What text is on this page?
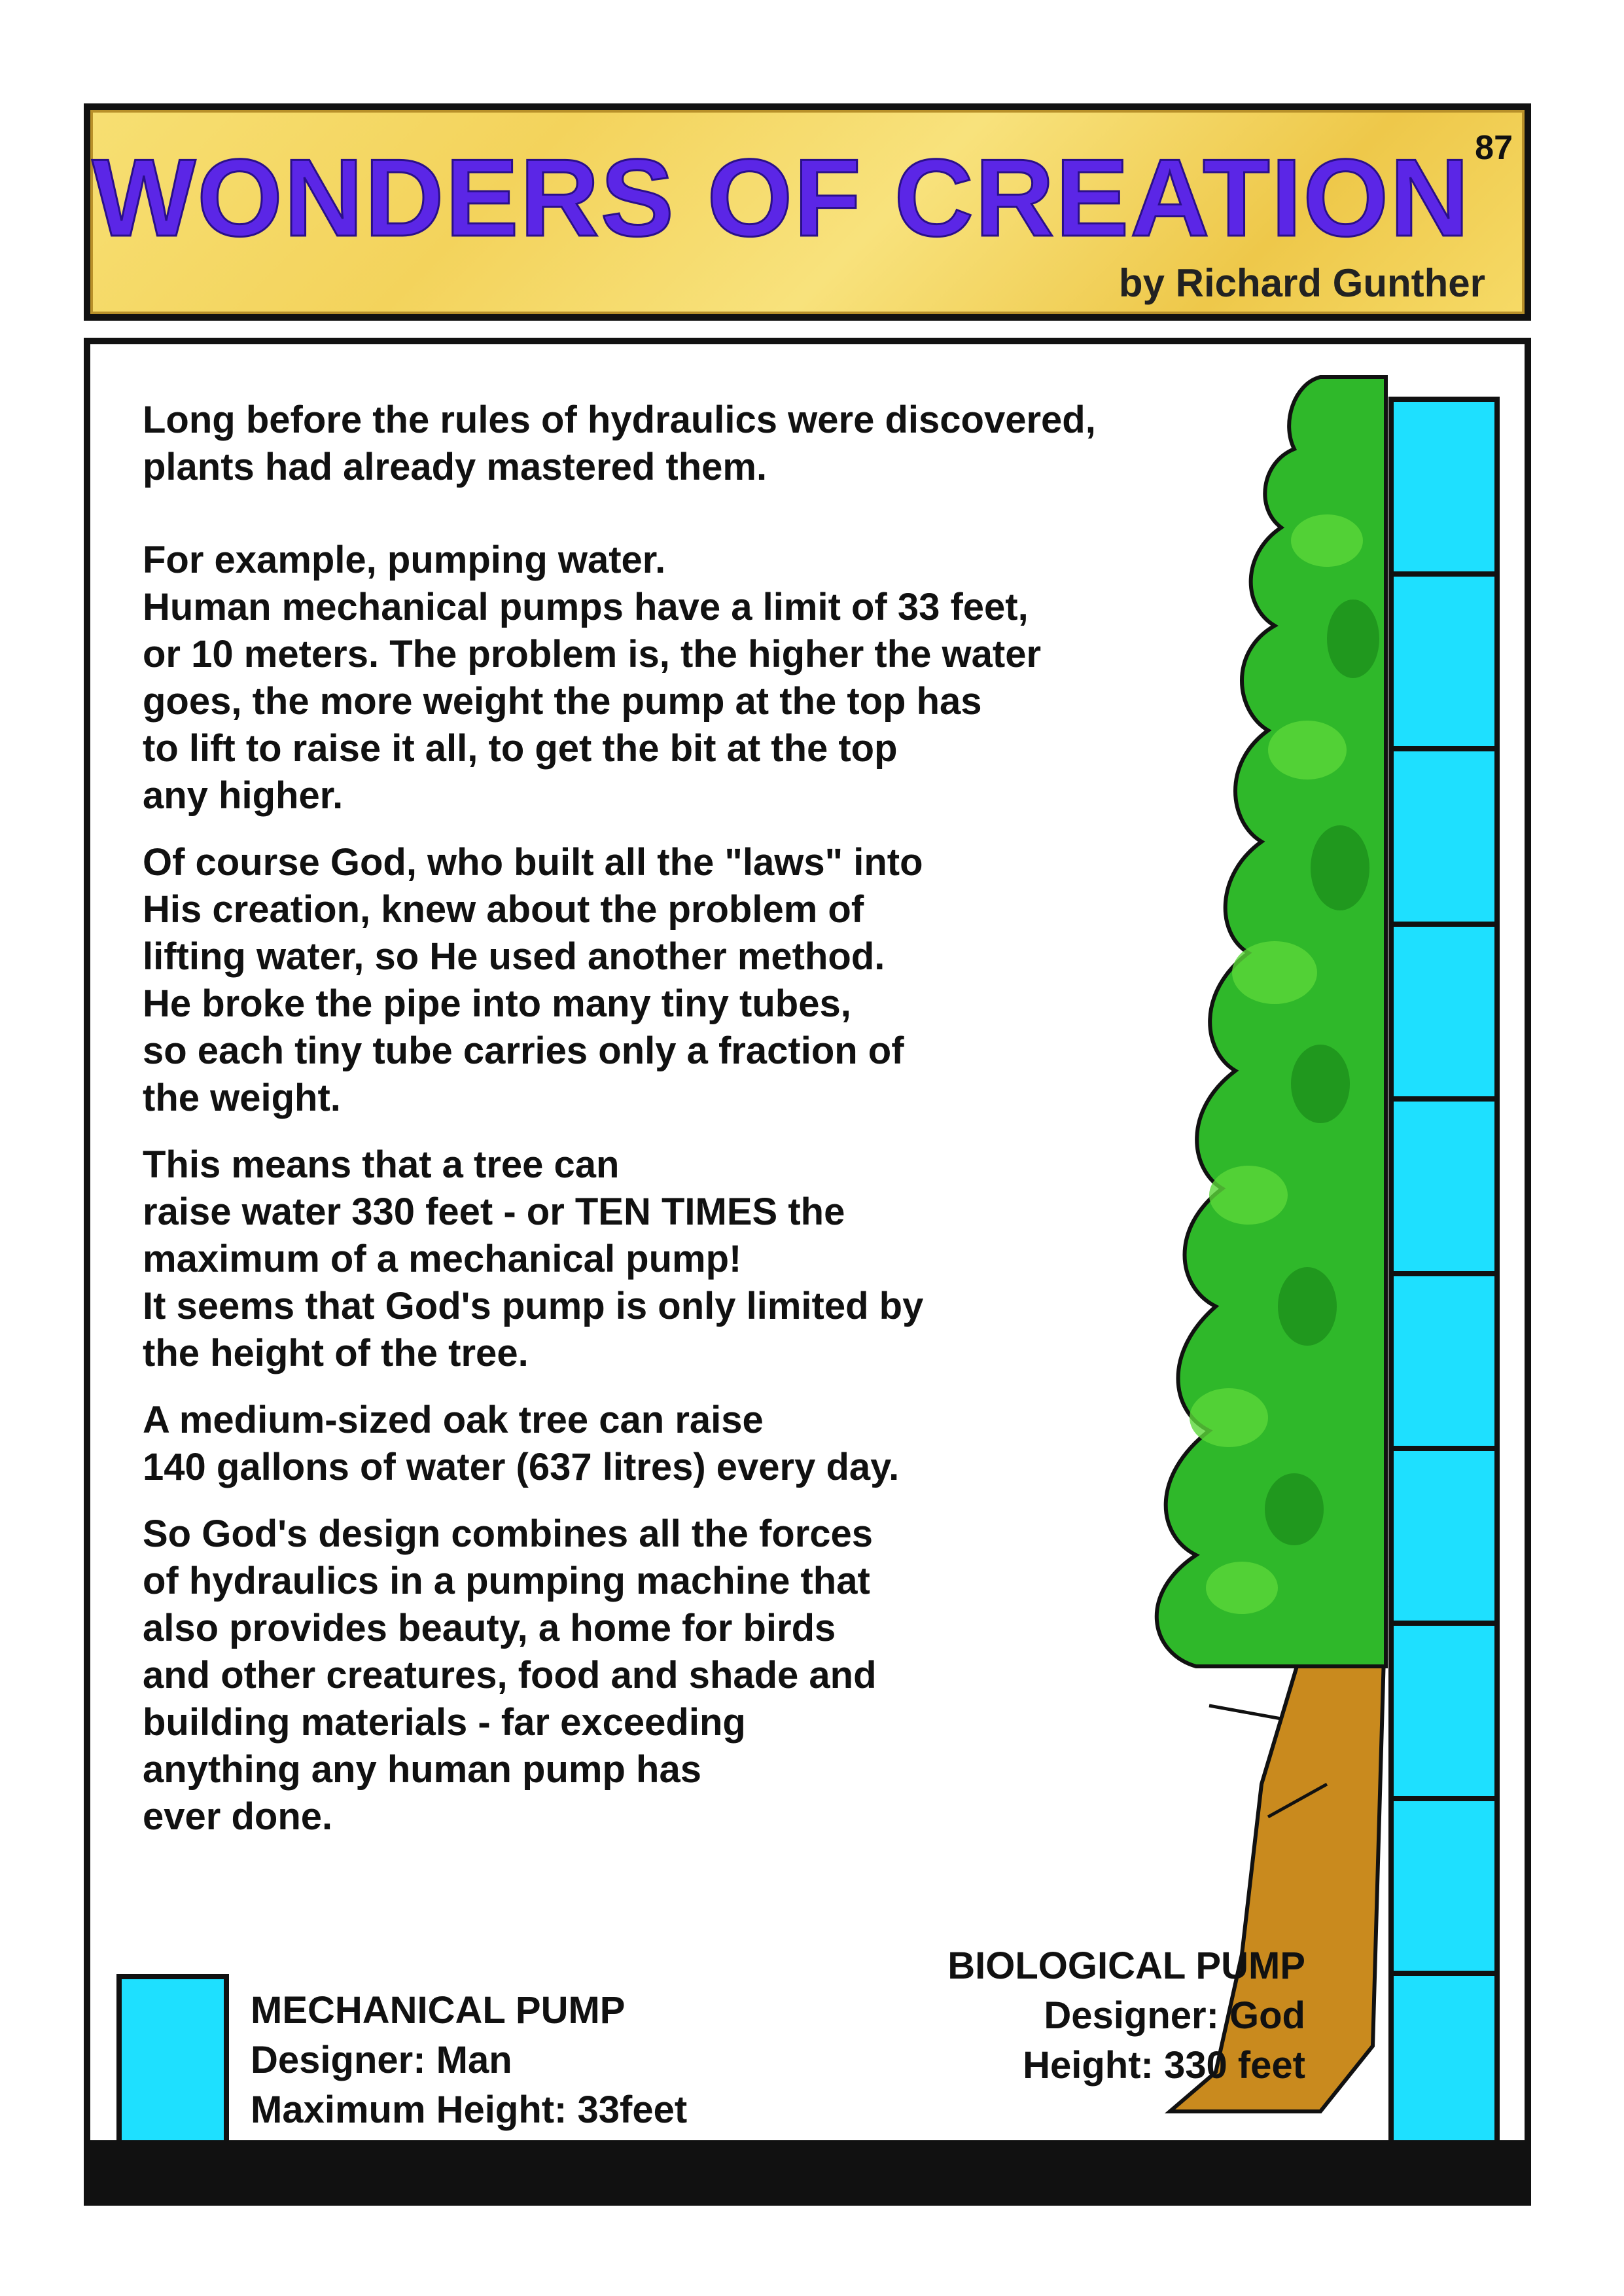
87
WONDERS OF CREATION
by Richard Gunther

Long before the rules of hydraulics were discovered,
plants had already mastered them.

For example, pumping water.
Human mechanical pumps have a limit of 33 feet,
or 10 meters. The problem is, the higher the water
goes, the more weight the pump at the top has
to lift to raise it all, to get the bit at the top
any higher.

Of course God, who built all the "laws" into
His creation, knew about the problem of
lifting water, so He used another method.
He broke the pipe into many tiny tubes,
so each tiny tube carries only a fraction of
the weight.

This means that a tree can
raise water 330 feet - or TEN TIMES the
maximum of a mechanical pump!
It seems that God's pump is only limited by
the height of the tree.

A medium-sized oak tree can raise
140 gallons of water (637 litres) every day.

So God's design combines all the forces
of hydraulics in a pumping machine that
also provides beauty, a home for birds
and other creatures, food and shade and
building materials - far exceeding
anything any human pump has
ever done.

BIOLOGICAL PUMP
Designer: God
Height: 330 feet
MECHANICAL PUMP
Designer: Man
Maximum Height: 33feet
